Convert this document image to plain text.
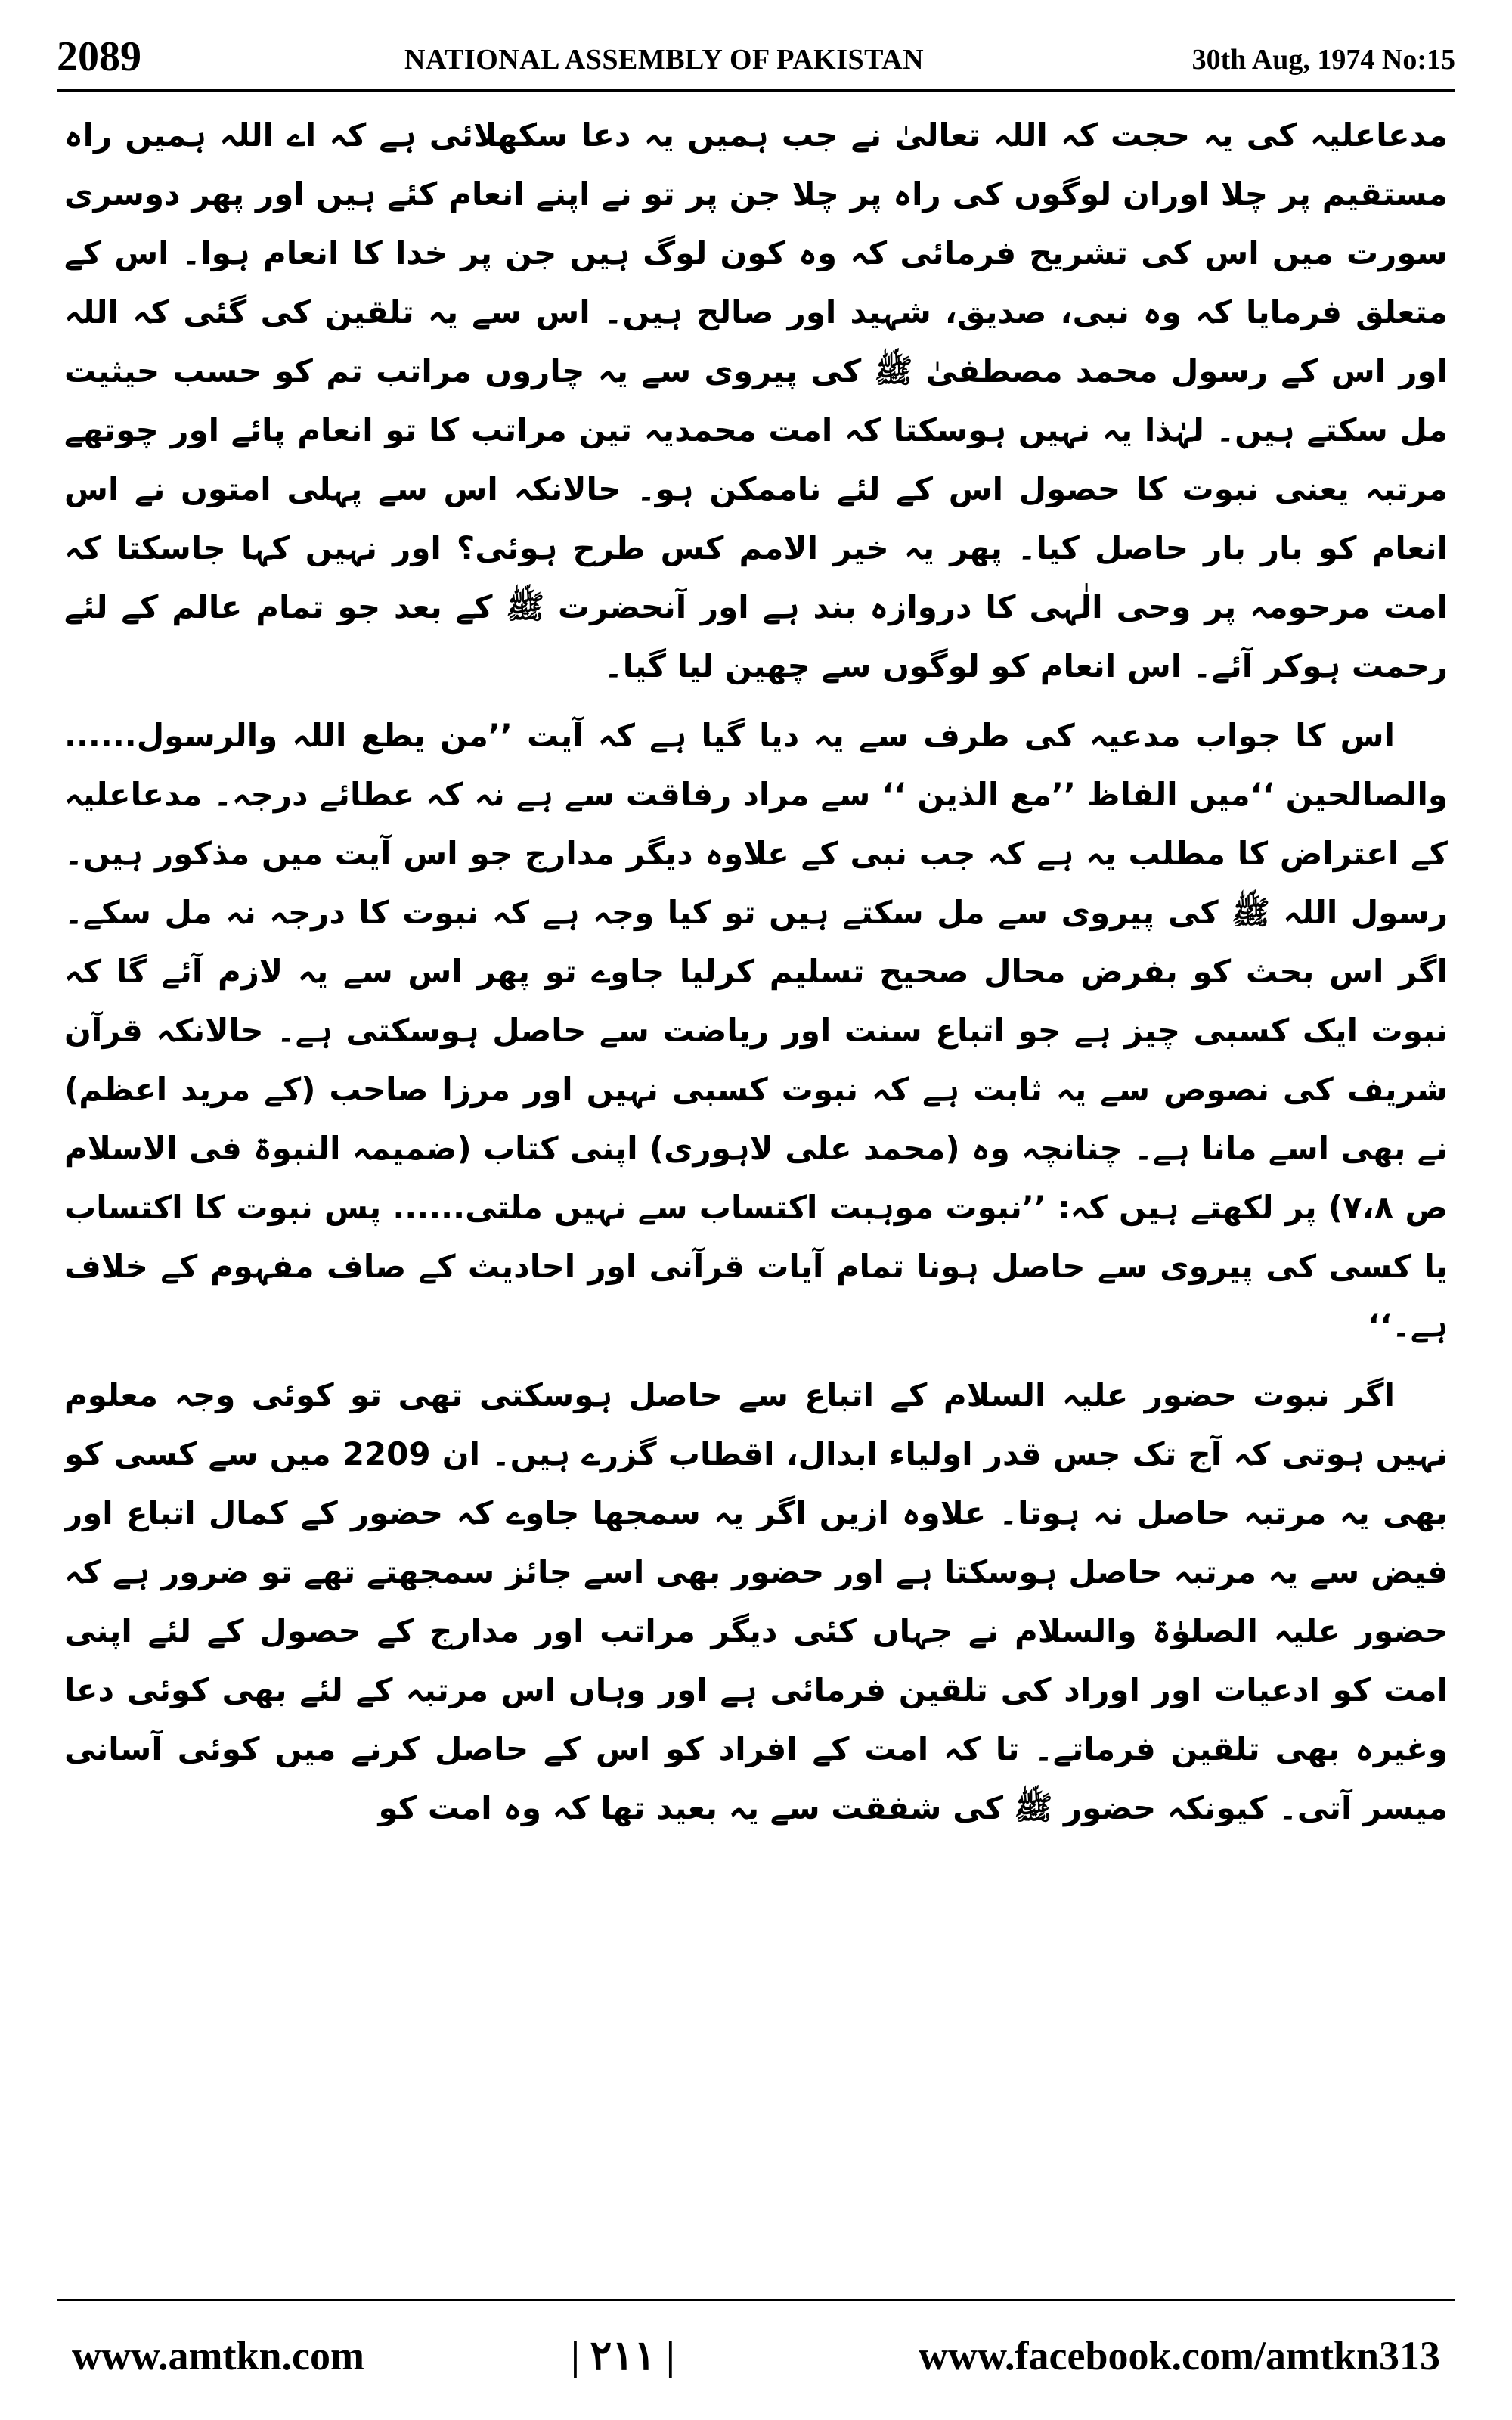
2089	NATIONAL ASSEMBLY OF PAKISTAN	30th Aug, 1974 No:15

مدعاعلیہ کی یہ حجت کہ اللہ تعالیٰ نے جب ہمیں یہ دعا سکھلائی ہے کہ اے اللہ ہمیں راہ مستقیم پر چلا اوران لوگوں کی راہ پر چلا جن پر تو نے اپنے انعام کئے ہیں اور پھر دوسری سورت میں اس کی تشریح فرمائی کہ وہ کون لوگ ہیں جن پر خدا کا انعام ہوا۔ اس کے متعلق فرمایا کہ وہ نبی، صدیق، شہید اور صالح ہیں۔ اس سے یہ تلقین کی گئی کہ اللہ اور اس کے رسول محمد مصطفیٰ ﷺ کی پیروی سے یہ چاروں مراتب تم کو حسب حیثیت مل سکتے ہیں۔ لہٰذا یہ نہیں ہوسکتا کہ امت محمدیہ تین مراتب کا تو انعام پائے اور چوتھے مرتبہ یعنی نبوت کا حصول اس کے لئے ناممکن ہو۔ حالانکہ اس سے پہلی امتوں نے اس انعام کو بار بار حاصل کیا۔ پھر یہ خیر الامم کس طرح ہوئی؟ اور نہیں کہا جاسکتا کہ امت مرحومہ پر وحی الٰہی کا دروازہ بند ہے اور آنحضرت ﷺ کے بعد جو تمام عالم کے لئے رحمت ہوکر آئے۔ اس انعام کو لوگوں سے چھین لیا گیا۔

اس کا جواب مدعیہ کی طرف سے یہ دیا گیا ہے کہ آیت ’’من یطع اللہ والرسول...... والصالحین ‘‘میں الفاظ ’’مع الذین ‘‘ سے مراد رفاقت سے ہے نہ کہ عطائے درجہ۔ مدعاعلیہ کے اعتراض کا مطلب یہ ہے کہ جب نبی کے علاوہ دیگر مدارج جو اس آیت میں مذکور ہیں۔ رسول اللہ ﷺ کی پیروی سے مل سکتے ہیں تو کیا وجہ ہے کہ نبوت کا درجہ نہ مل سکے۔ اگر اس بحث کو بفرض محال صحیح تسلیم کرلیا جاوے تو پھر اس سے یہ لازم آئے گا کہ نبوت ایک کسبی چیز ہے جو اتباع سنت اور ریاضت سے حاصل ہوسکتی ہے۔ حالانکہ قرآن شریف کی نصوص سے یہ ثابت ہے کہ نبوت کسبی نہیں اور مرزا صاحب (کے مرید اعظم) نے بھی اسے مانا ہے۔ چنانچہ وہ (محمد علی لاہوری) اپنی کتاب (ضمیمہ النبوۃ فی الاسلام ص ۷،۸) پر لکھتے ہیں کہ: ’’نبوت موہبت اکتساب سے نہیں ملتی...... پس نبوت کا اکتساب یا کسی کی پیروی سے حاصل ہونا تمام آیات قرآنی اور احادیث کے صاف مفہوم کے خلاف ہے۔‘‘

اگر نبوت حضور علیہ السلام کے اتباع سے حاصل ہوسکتی تھی تو کوئی وجہ معلوم نہیں ہوتی کہ آج تک جس قدر اولیاء ابدال، اقطاب گزرے ہیں۔ ان 2209 میں سے کسی کو بھی یہ مرتبہ حاصل نہ ہوتا۔ علاوہ ازیں اگر یہ سمجھا جاوے کہ حضور کے کمال اتباع اور فیض سے یہ مرتبہ حاصل ہوسکتا ہے اور حضور بھی اسے جائز سمجھتے تھے تو ضرور ہے کہ حضور علیہ الصلوٰۃ والسلام نے جہاں کئی دیگر مراتب اور مدارج کے حصول کے لئے اپنی امت کو ادعیات اور اوراد کی تلقین فرمائی ہے اور وہاں اس مرتبہ کے لئے بھی کوئی دعا وغیرہ بھی تلقین فرماتے۔ تا کہ امت کے افراد کو اس کے حاصل کرنے میں کوئی آسانی میسر آتی۔ کیونکہ حضور ﷺ کی شفقت سے یہ بعید تھا کہ وہ امت کو

www.amtkn.com	| ۲۱۱ |	www.facebook.com/amtkn313
